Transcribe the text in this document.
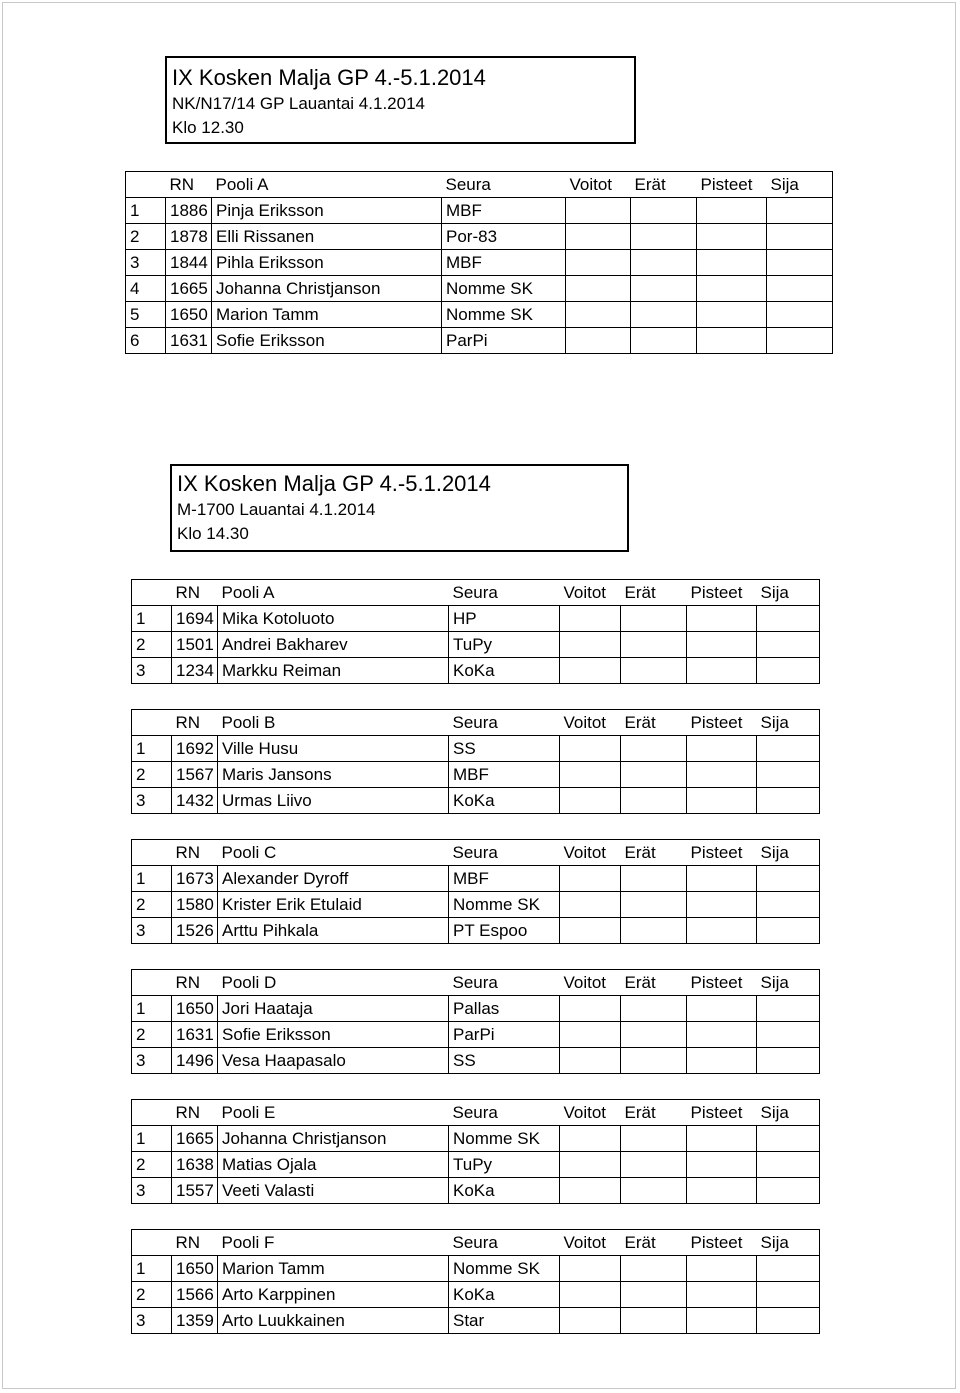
IX Kosken Malja GP 4.-5.1.2014
NK/N17/14 GP Lauantai 4.1.2014
Klo 12.30
IX Kosken Malja GP 4.-5.1.2014
M-1700 Lauantai 4.1.2014
Klo 14.30
	RN	Pooli A	Seura	Voitot	Erät	Pisteet	Sija
1	1886	Pinja Eriksson	MBF				
2	1878	Elli Rissanen	Por-83				
3	1844	Pihla Eriksson	MBF				
4	1665	Johanna Christjanson	Nomme SK				
5	1650	Marion Tamm	Nomme SK				
6	1631	Sofie Eriksson	ParPi				
	RN	Pooli A	Seura	Voitot	Erät	Pisteet	Sija
1	1694	Mika Kotoluoto	HP				
2	1501	Andrei Bakharev	TuPy				
3	1234	Markku Reiman	KoKa				
	RN	Pooli B	Seura	Voitot	Erät	Pisteet	Sija
1	1692	Ville Husu	SS				
2	1567	Maris Jansons	MBF				
3	1432	Urmas Liivo	KoKa				
	RN	Pooli C	Seura	Voitot	Erät	Pisteet	Sija
1	1673	Alexander Dyroff	MBF				
2	1580	Krister Erik Etulaid	Nomme SK				
3	1526	Arttu Pihkala	PT Espoo				
	RN	Pooli D	Seura	Voitot	Erät	Pisteet	Sija
1	1650	Jori Haataja	Pallas				
2	1631	Sofie Eriksson	ParPi				
3	1496	Vesa Haapasalo	SS				
	RN	Pooli E	Seura	Voitot	Erät	Pisteet	Sija
1	1665	Johanna Christjanson	Nomme SK				
2	1638	Matias Ojala	TuPy				
3	1557	Veeti Valasti	KoKa				
	RN	Pooli F	Seura	Voitot	Erät	Pisteet	Sija
1	1650	Marion Tamm	Nomme SK				
2	1566	Arto Karppinen	KoKa				
3	1359	Arto Luukkainen	Star				
